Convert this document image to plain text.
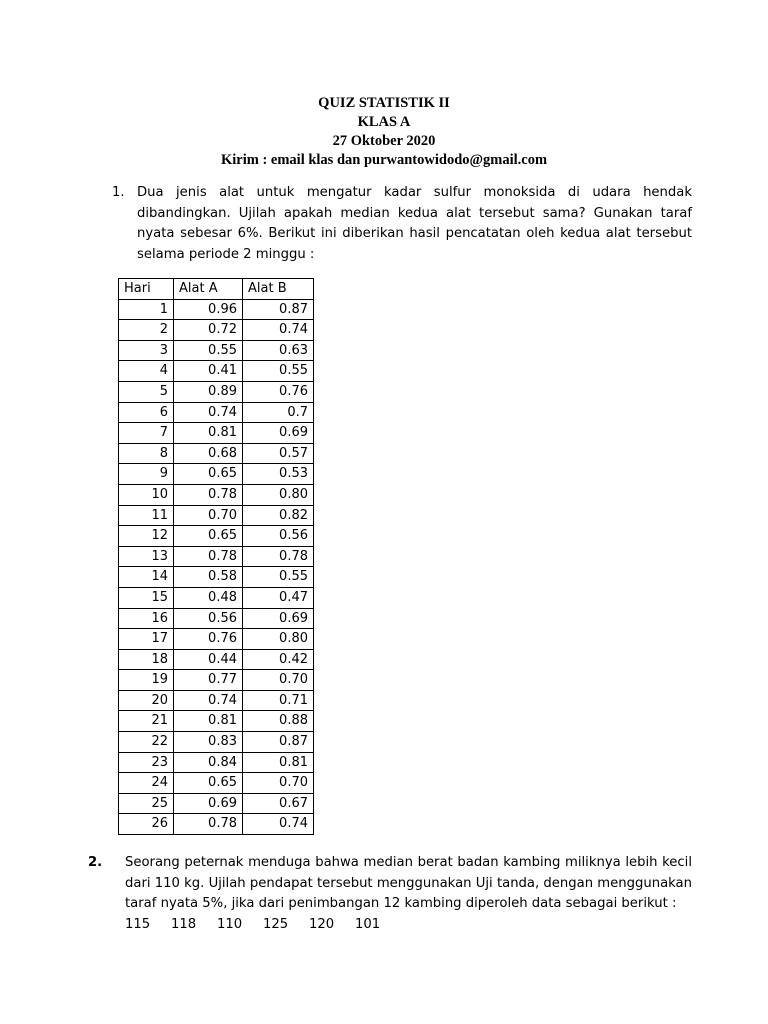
QUIZ STATISTIK II
KLAS A
27 Oktober 2020
Kirim : email klas dan purwantowidodo@gmail.com
1. Dua jenis alat untuk mengatur kadar sulfur monoksida di udara hendak dibandingkan. Ujilah apakah median kedua alat tersebut sama? Gunakan taraf nyata sebesar 6%. Berikut ini diberikan hasil pencatatan oleh kedua alat tersebut selama periode 2 minggu :
Hari	Alat A	Alat B
1	0.96	0.87
2	0.72	0.74
3	0.55	0.63
4	0.41	0.55
5	0.89	0.76
6	0.74	0.7
7	0.81	0.69
8	0.68	0.57
9	0.65	0.53
10	0.78	0.80
11	0.70	0.82
12	0.65	0.56
13	0.78	0.78
14	0.58	0.55
15	0.48	0.47
16	0.56	0.69
17	0.76	0.80
18	0.44	0.42
19	0.77	0.70
20	0.74	0.71
21	0.81	0.88
22	0.83	0.87
23	0.84	0.81
24	0.65	0.70
25	0.69	0.67
26	0.78	0.74
2. Seorang peternak menduga bahwa median berat badan kambing miliknya lebih kecil dari 110 kg. Ujilah pendapat tersebut menggunakan Uji tanda, dengan menggunakan taraf nyata 5%, jika dari penimbangan 12 kambing diperoleh data sebagai berikut :
115	118	110	125	120	101
